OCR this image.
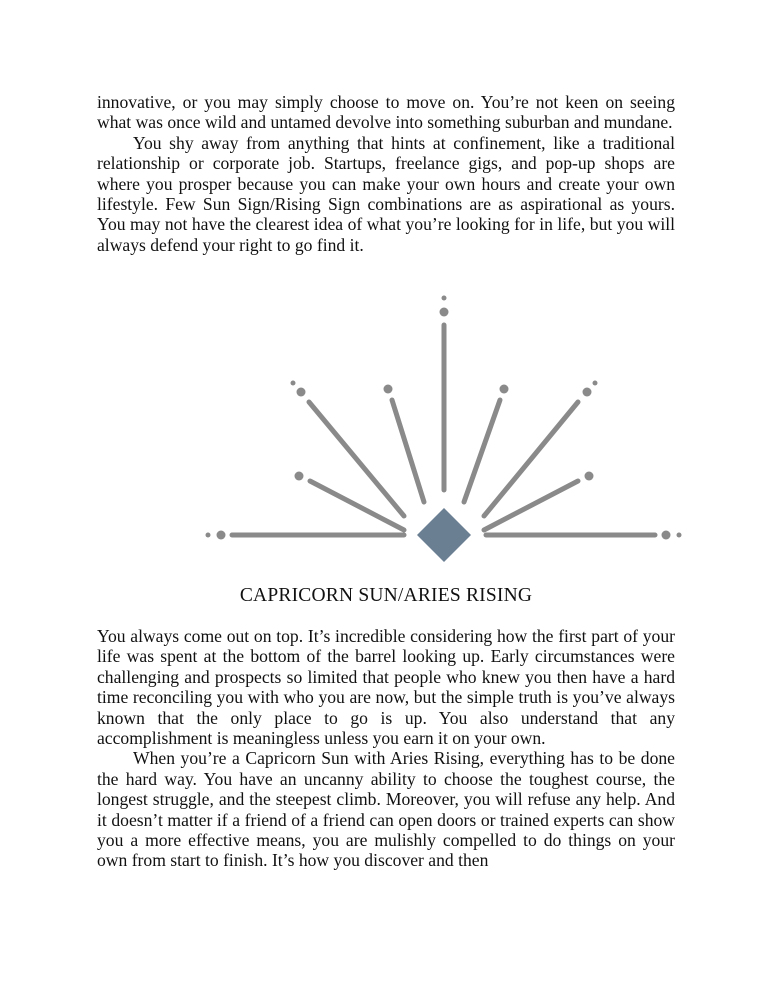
innovative, or you may simply choose to move on. You’re not keen on seeing what was once wild and untamed devolve into something suburban and mundane.

You shy away from anything that hints at confinement, like a traditional relationship or corporate job. Startups, freelance gigs, and pop-up shops are where you prosper because you can make your own hours and create your own lifestyle. Few Sun Sign/Rising Sign combinations are as aspirational as yours. You may not have the clearest idea of what you’re looking for in life, but you will always defend your right to go find it.

CAPRICORN SUN/ARIES RISING

You always come out on top. It’s incredible considering how the first part of your life was spent at the bottom of the barrel looking up. Early circumstances were challenging and prospects so limited that people who knew you then have a hard time reconciling you with who you are now, but the simple truth is you’ve always known that the only place to go is up. You also understand that any accomplishment is meaningless unless you earn it on your own.

When you’re a Capricorn Sun with Aries Rising, everything has to be done the hard way. You have an uncanny ability to choose the toughest course, the longest struggle, and the steepest climb. Moreover, you will refuse any help. And it doesn’t matter if a friend of a friend can open doors or trained experts can show you a more effective means, you are mulishly compelled to do things on your own from start to finish. It’s how you discover and then
